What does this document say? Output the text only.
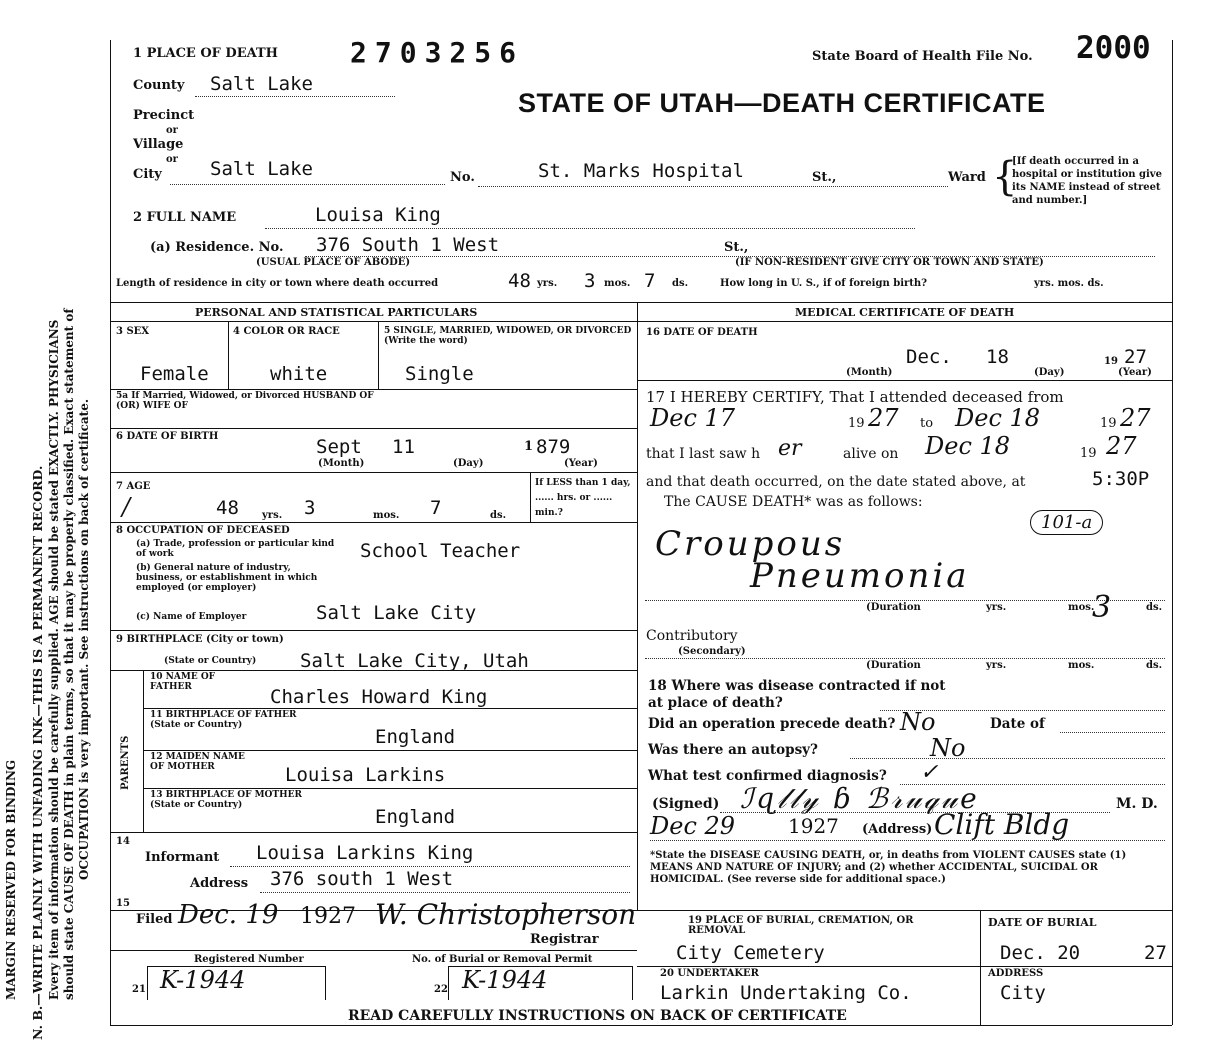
MARGIN RESERVED FOR BINDING N. B.—WRITE PLAINLY WITH UNFADING INK—THIS IS A PERMANENT RECORD. Every item of information should be carefully supplied. AGE should be stated EXACTLY. PHYSICIANS should state CAUSE OF DEATH in plain terms, so that it may be properly classified. Exact statement of OCCUPATION is very important. See instructions on back of certificate.
1 PLACE OF DEATH	2703256	State Board of Health File No. 2000
STATE OF UTAH—DEATH CERTIFICATE
County Salt Lake
Precinct
or
Village
or
City	Salt Lake	No.	St. Marks Hospital	St.,	Ward {
[If death occurred in a hospital or institution give its NAME instead of street and number.]
2 FULL NAME	Louisa King
(a) Residence. No. 376 South 1 West	St.,
(USUAL PLACE OF ABODE)	(IF NON-RESIDENT GIVE CITY OR TOWN AND STATE)
Length of residence in city or town where death occurred	48 yrs. 3 mos. 7 ds.	How long in U. S., if of foreign birth?	yrs. mos. ds.
PERSONAL AND STATISTICAL PARTICULARS
3 SEX
Female
4 COLOR OR RACE
white
5 SINGLE, MARRIED, WIDOWED, OR DIVORCED (Write the word)
Single
5a If Married, Widowed, or Divorced HUSBAND OF (OR) WIFE OF
6 DATE OF BIRTH	Sept 11	1 879
(Month)	(Day)	(Year)
7 AGE
/	48 yrs. 3	mos. 7	ds.
If LESS than 1 day, ...... hrs. or ...... min.?
8 OCCUPATION OF DECEASED
(a) Trade, profession or particular kind of work	School Teacher
(b) General nature of industry, business, or establishment in which employed (or employer)
(c) Name of Employer	Salt Lake City
9 BIRTHPLACE (City or town)
(State or Country) Salt Lake City, Utah
PARENTS
10 NAME OF FATHER	Charles Howard King
11 BIRTHPLACE OF FATHER (State or Country)
England
12 MAIDEN NAME OF MOTHER	Louisa Larkins
13 BIRTHPLACE OF MOTHER (State or Country)
England
14
Informant Louisa Larkins King
Address 376 south 1 West
15
Filed Dec. 19 1927 W. Christopherson
Registrar
Registered Number	No. of Burial or Removal Permit
21 K-1944	22 K-1944
19 PLACE OF BURIAL, CREMATION, OR REMOVAL
City Cemetery
DATE OF BURIAL
Dec. 20	27
20 UNDERTAKER
Larkin Undertaking Co.
ADDRESS
City
READ CAREFULLY INSTRUCTIONS ON BACK OF CERTIFICATE
MEDICAL CERTIFICATE OF DEATH
16 DATE OF DEATH
Dec. 18	19 27
(Month)	(Day)	(Year)
17 I HEREBY CERTIFY, That I attended deceased from
Dec 17	19 27 to Dec 18	19 27
that I last saw h er	alive on Dec 18	19 27
and that death occurred, on the date stated above, at	5:30P
The CAUSE DEATH* was as follows:
101-a
Croupous
Pneumonia
(Duration	yrs.	mos.
3	ds.
Contributory
(Secondary)
(Duration	yrs.	mos.	ds.
18 Where was disease contracted if not at place of death?
Did an operation precede death? No	Date of
Was there an autopsy?	No
What test confirmed diagnosis? ✓
(Signed) ℐɋ𝓁𝓁𝓎 ɓ ℬ𝓇𝓊𝓆𝓊𝑒	M. D.
Dec 29	1927 (Address) Clift Bldg
*State the DISEASE CAUSING DEATH, or, in deaths from VIOLENT CAUSES state (1) MEANS AND NATURE OF INJURY; and (2) whether ACCIDENTAL, SUICIDAL OR HOMICIDAL. (See reverse side for additional space.)
